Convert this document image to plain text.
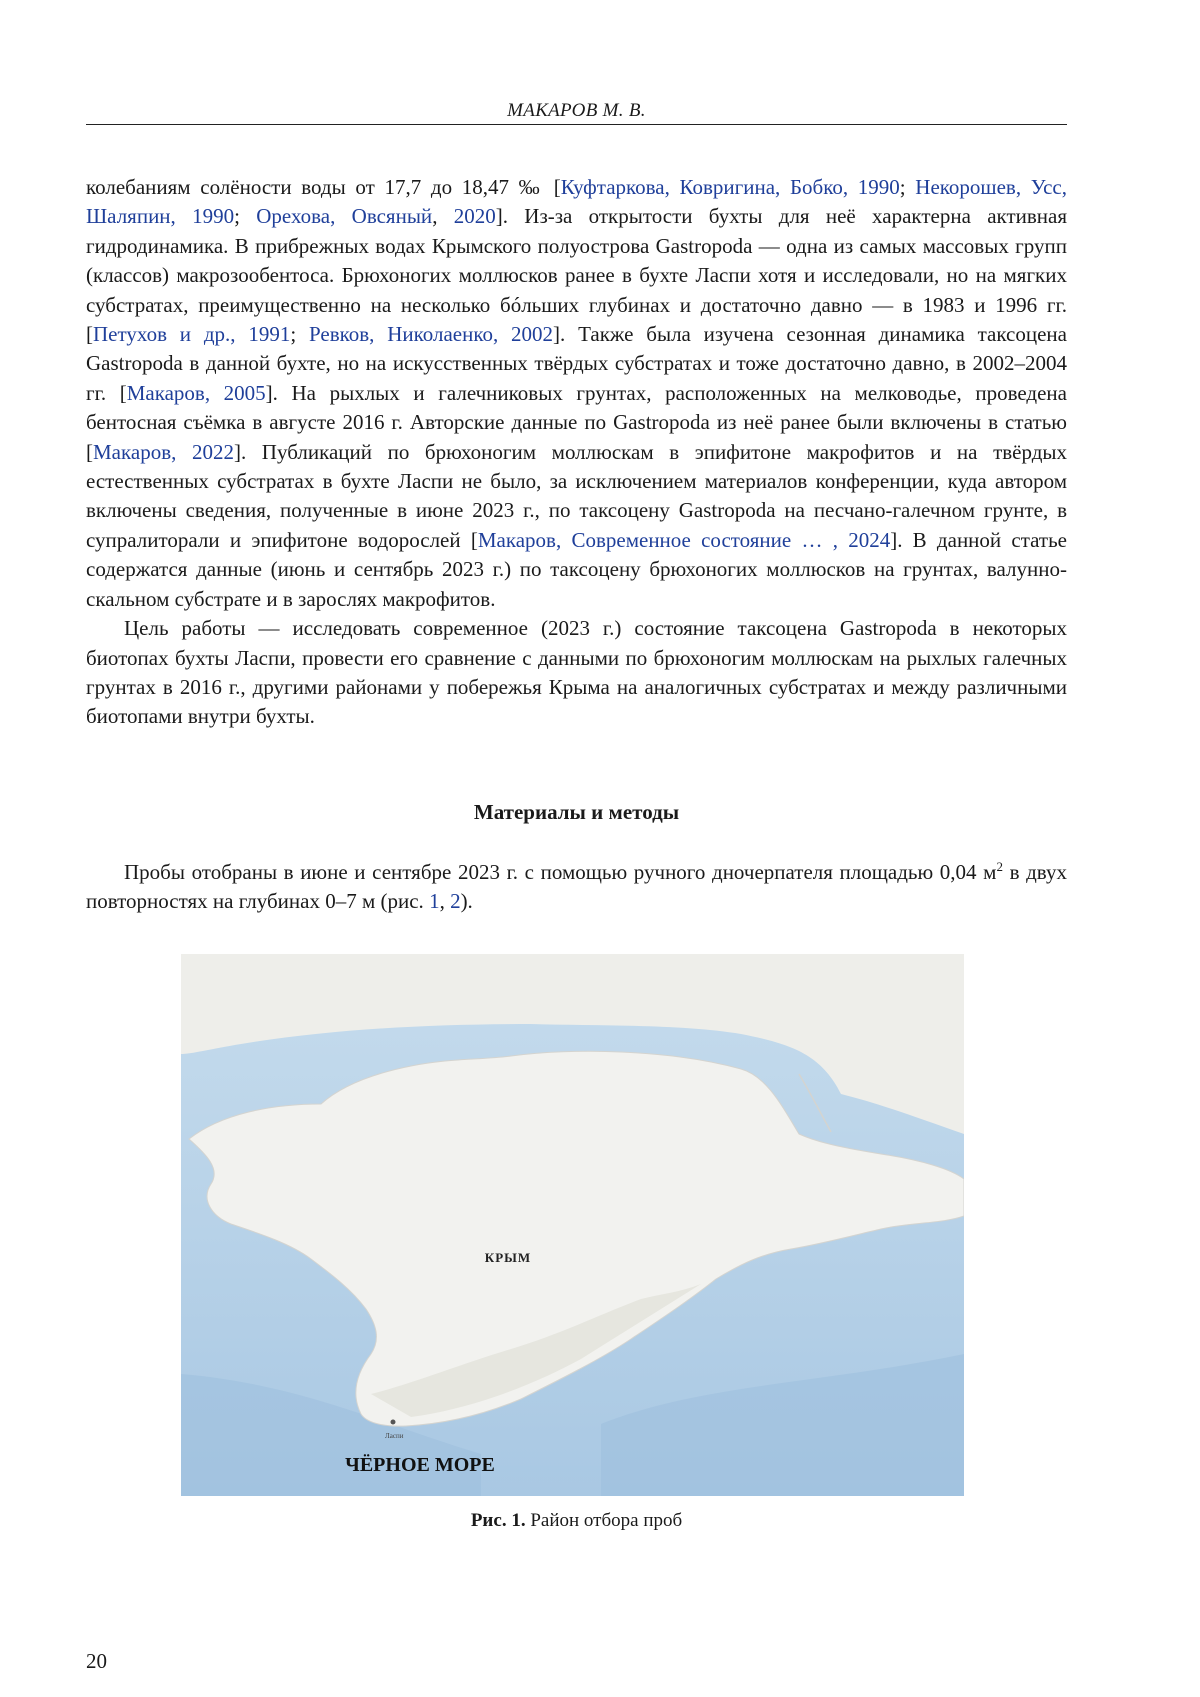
МАКАРОВ М. В.

колебаниям солёности воды от 17,7 до 18,47 ‰ [Куфтаркова, Ковригина, Бобко, 1990; Некорошев, Усс, Шаляпин, 1990; Орехова, Овсяный, 2020]. Из-за открытости бухты для неё характерна активная гидродинамика. В прибрежных водах Крымского полуострова Gastropoda — одна из самых массовых групп (классов) макрозообентоса. Брюхоногих моллюсков ранее в бухте Ласпи хотя и исследовали, но на мягких субстратах, преимущественно на несколько бóльших глубинах и достаточно давно — в 1983 и 1996 гг. [Петухов и др., 1991; Ревков, Николаенко, 2002]. Также была изучена сезонная динамика таксоцена Gastropoda в данной бухте, но на искусственных твёрдых субстратах и тоже достаточно давно, в 2002–2004 гг. [Макаров, 2005]. На рыхлых и галечниковых грунтах, расположенных на мелководье, проведена бентосная съёмка в августе 2016 г. Авторские данные по Gastropoda из неё ранее были включены в статью [Макаров, 2022]. Публикаций по брюхоногим моллюскам в эпифитоне макрофитов и на твёрдых естественных субстратах в бухте Ласпи не было, за исключением материалов конференции, куда автором включены сведения, полученные в июне 2023 г., по таксоцену Gastropoda на песчано-галечном грунте, в супралиторали и эпифитоне водорослей [Макаров, Современное состояние … , 2024]. В данной статье содержатся данные (июнь и сентябрь 2023 г.) по таксоцену брюхоногих моллюсков на грунтах, валунно-скальном субстрате и в зарослях макрофитов.

Цель работы — исследовать современное (2023 г.) состояние таксоцена Gastropoda в некоторых биотопах бухты Ласпи, провести его сравнение с данными по брюхоногим моллюскам на рыхлых галечных грунтах в 2016 г., другими районами у побережья Крыма на аналогичных субстратах и между различными биотопами внутри бухты.

Материалы и методы

Пробы отобраны в июне и сентябре 2023 г. с помощью ручного дночерпателя площадью 0,04 $м^2$ в двух повторностях на глубинах 0–7 м (рис. 1, 2).

Ласпи
КРЫМ
ЧЁРНОЕ МОРЕ
Рис. 1. Район отбора проб
20
